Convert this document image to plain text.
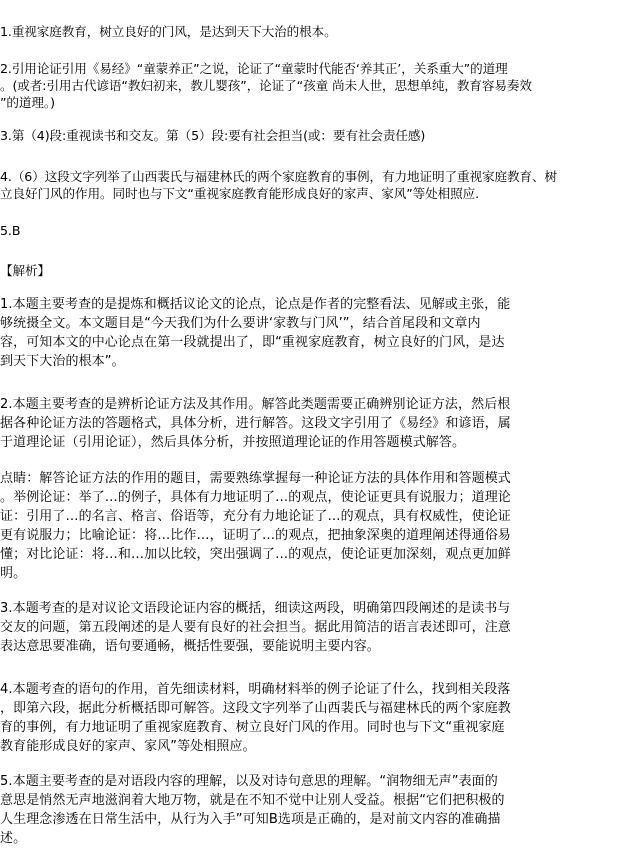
1.重视家庭教育，树立良好的门风，是达到天下大治的根本。
2.引用论证引用《易经》“童蒙养正”之说，论证了“童蒙时代能否‘养其正’，关系重大”的道理
。(或者:引用古代谚语“教妇初来，教儿婴孩”，论证了“孩童 尚未人世，思想单纯，教育容易奏效
”的道理。)
3.第（4)段:重视读书和交友。第（5）段:要有社会担当(或：要有社会责任感)
4.（6）这段文字列举了山西裴氏与福建林氏的两个家庭教育的事例，有力地证明了重视家庭教育、树
立良好门风的作用。同时也与下文“重视家庭教育能形成良好的家声、家风”等处相照应.
5.B
【解析】
1.本题主要考查的是提炼和概括议论文的论点，论点是作者的完整看法、见解或主张，能
够统摄全文。本文题目是“今天我们为什么要讲‘家教与门风’”，结合首尾段和文章内
容，可知本文的中心论点在第一段就提出了，即“重视家庭教育，树立良好的门风，是达
到天下大治的根本”。
2.本题主要考查的是辨析论证方法及其作用。解答此类题需要正确辨别论证方法，然后根
据各种论证方法的答题格式，具体分析，进行解答。这段文字引用了《易经》和谚语，属
于道理论证（引用论证），然后具体分析，并按照道理论证的作用答题模式解答。
点睛：解答论证方法的作用的题目，需要熟练掌握每一种论证方法的具体作用和答题模式
。举例论证：举了…的例子，具体有力地证明了…的观点，使论证更具有说服力；道理论
证：引用了…的名言、格言、俗语等，充分有力地论证了…的观点，具有权威性，使论证
更有说服力；比喻论证：将…比作…，证明了…的观点，把抽象深奥的道理阐述得通俗易
懂；对比论证：将…和…加以比较，突出强调了…的观点，使论证更加深刻，观点更加鲜
明。
3.本题考查的是对议论文语段论证内容的概括，细读这两段，明确第四段阐述的是读书与
交友的问题，第五段阐述的是人要有良好的社会担当。据此用简洁的语言表述即可，注意
表达意思要准确，语句要通畅，概括性要强，要能说明主要内容。
4.本题考查的语句的作用，首先细读材料，明确材料举的例子论证了什么，找到相关段落
，即第六段，据此分析概括即可解答。这段文字列举了山西裴氏与福建林氏的两个家庭教
育的事例，有力地证明了重视家庭教育、树立良好门风的作用。同时也与下文“重视家庭
教育能形成良好的家声、家风”等处相照应。
5.本题主要考查的是对语段内容的理解，以及对诗句意思的理解。“润物细无声”表面的
意思是悄然无声地滋润着大地万物，就是在不知不觉中让别人受益。根据“它们把积极的
人生理念渗透在日常生活中，从行为入手”可知B选项是正确的，是对前文内容的准确描
述。
